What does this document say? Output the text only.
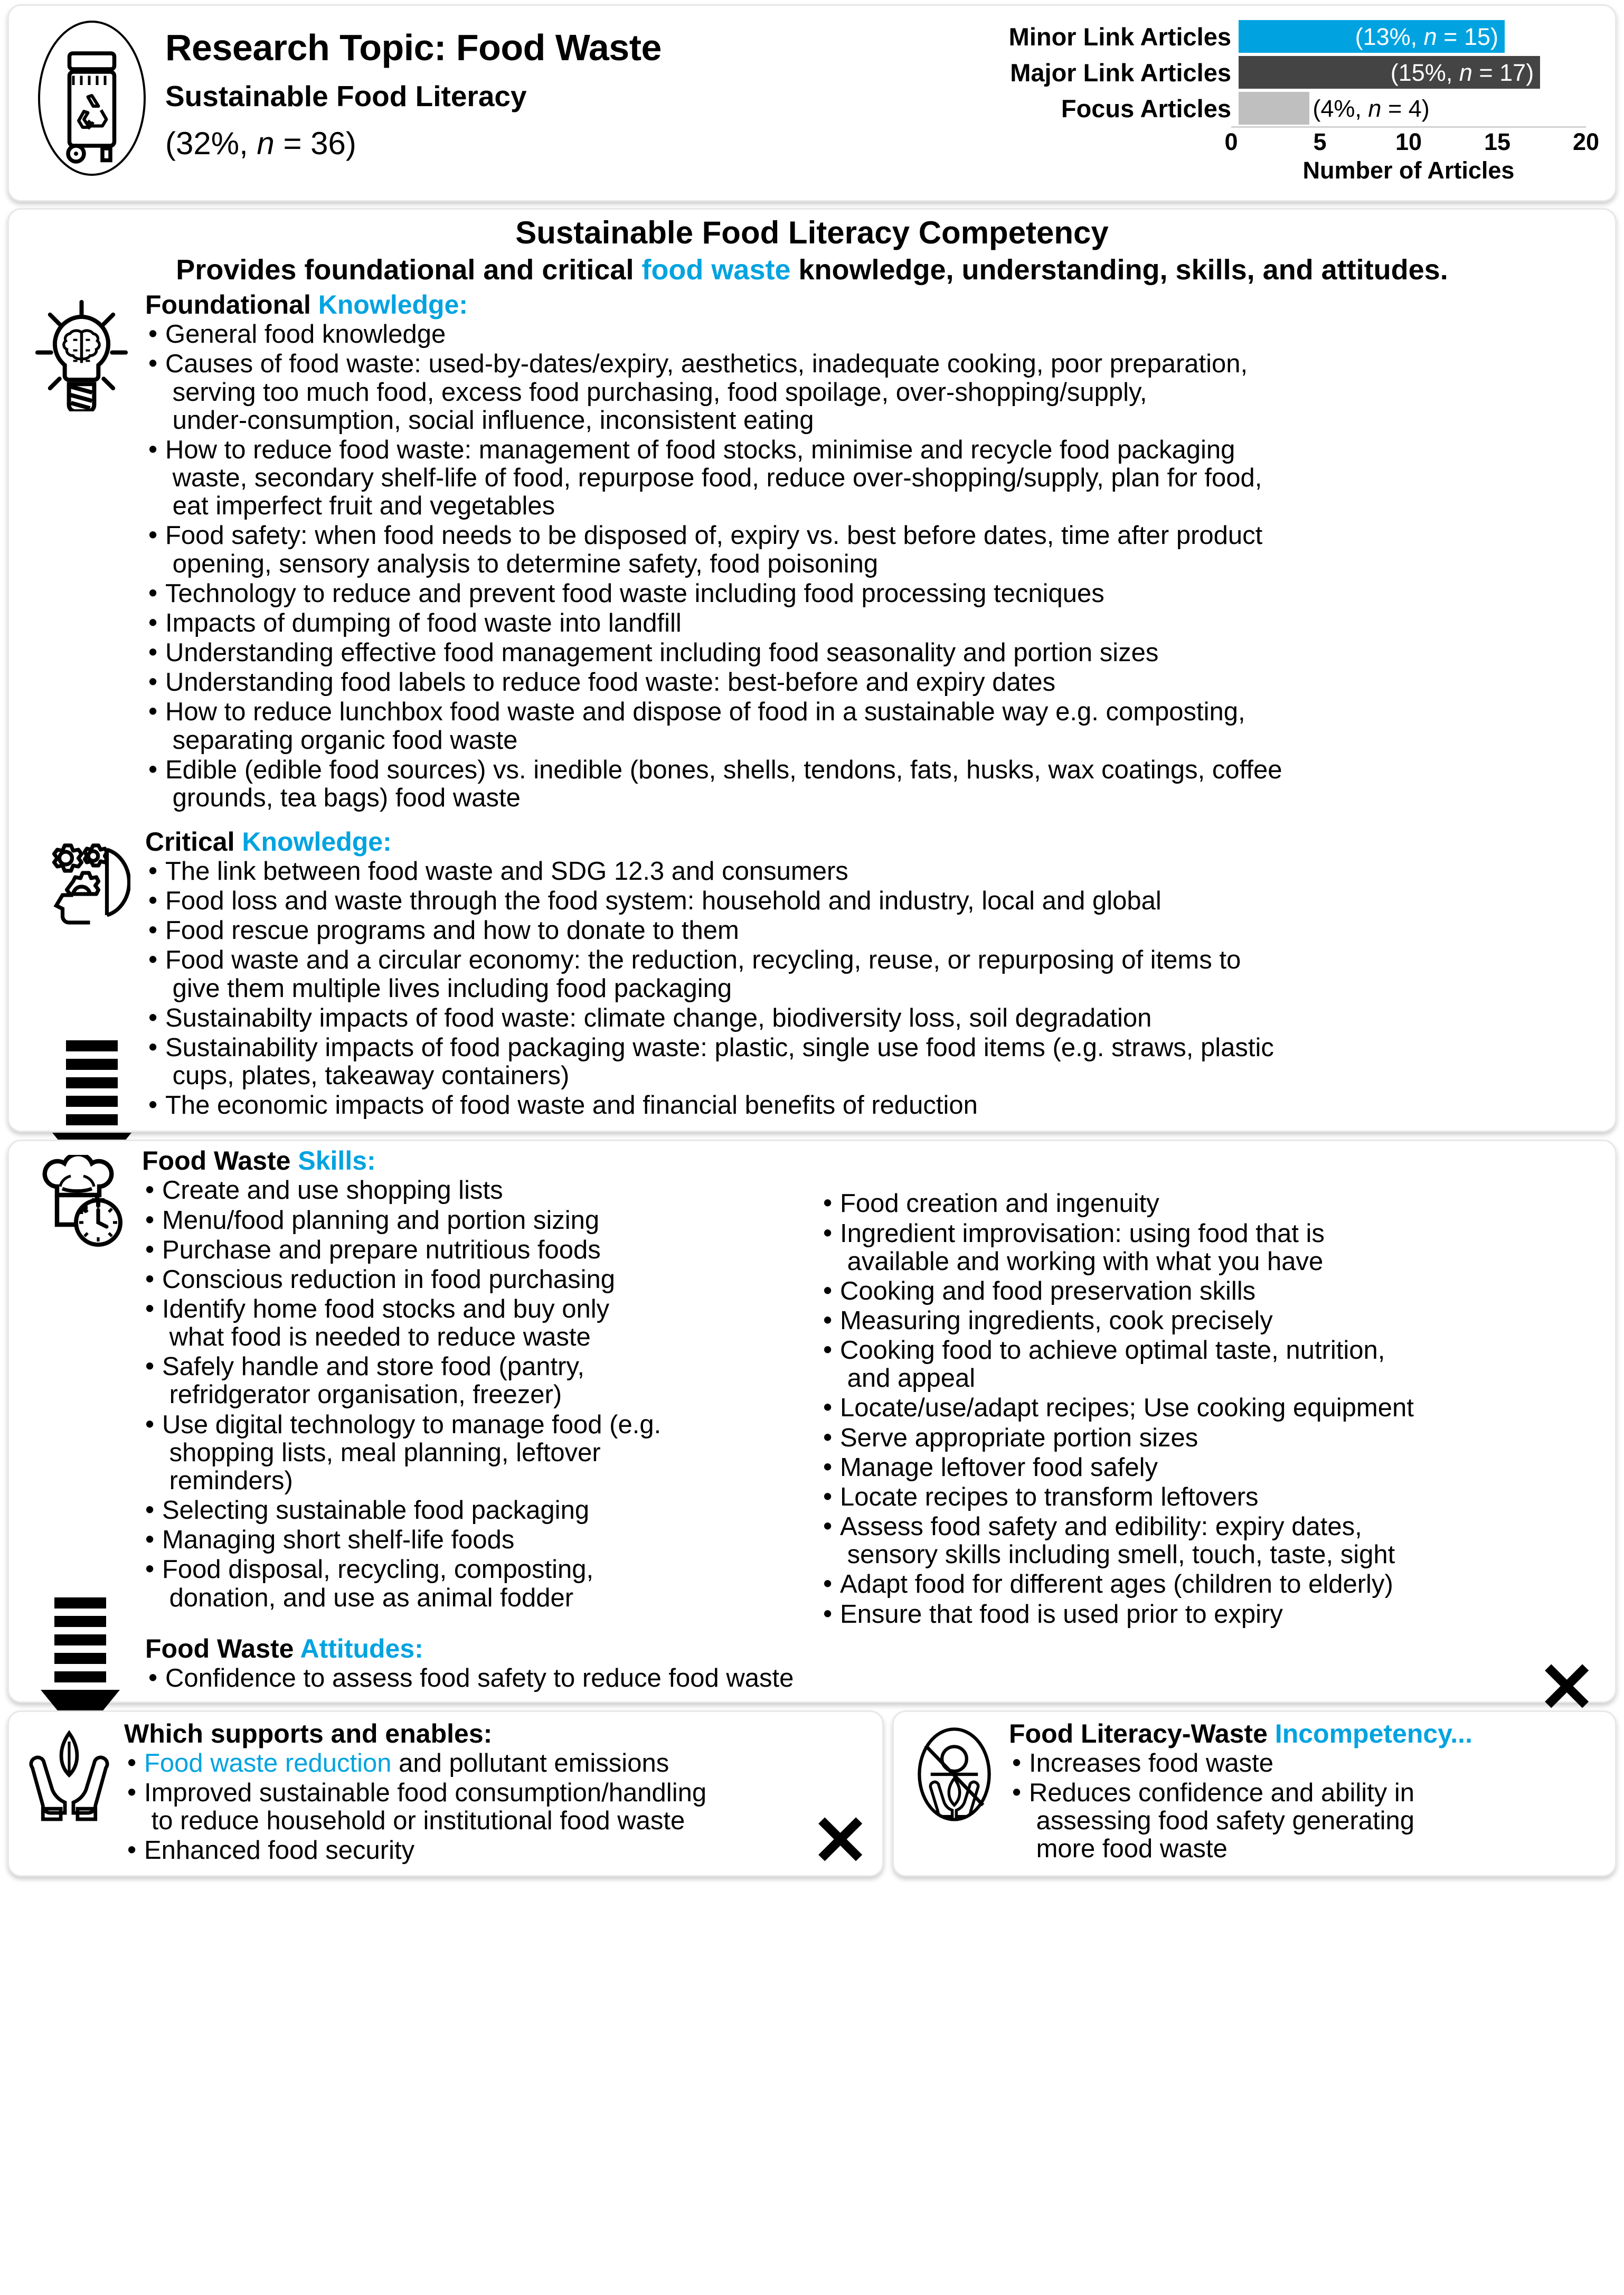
Research Topic: Food Waste
Sustainable Food Literacy
(32%, n = 36)
Minor Link Articles	(13%, n = 15)
Major Link Articles	(15%, n = 17)
Focus Articles	(4%, n = 4)
0	5	10	15	20
Number of Articles
Sustainable Food Literacy Competency
Provides foundational and critical food waste knowledge, understanding, skills, and attitudes.
Foundational Knowledge:
• General food knowledge
• Causes of food waste: used-by-dates/expiry, aesthetics, inadequate cooking, poor preparation,
serving too much food, excess food purchasing, food spoilage, over-shopping/supply,
under-consumption, social influence, inconsistent eating
• How to reduce food waste: management of food stocks, minimise and recycle food packaging
waste, secondary shelf-life of food, repurpose food, reduce over-shopping/supply, plan for food,
eat imperfect fruit and vegetables
• Food safety: when food needs to be disposed of, expiry vs. best before dates, time after product
opening, sensory analysis to determine safety, food poisoning
• Technology to reduce and prevent food waste including food processing tecniques
• Impacts of dumping of food waste into landfill
• Understanding effective food management including food seasonality and portion sizes
• Understanding food labels to reduce food waste: best-before and expiry dates
• How to reduce lunchbox food waste and dispose of food in a sustainable way e.g. composting,
separating organic food waste
• Edible (edible food sources) vs. inedible (bones, shells, tendons, fats, husks, wax coatings, coffee
grounds, tea bags) food waste
Critical Knowledge:
• The link between food waste and SDG 12.3 and consumers
• Food loss and waste through the food system: household and industry, local and global
• Food rescue programs and how to donate to them
• Food waste and a circular economy: the reduction, recycling, reuse, or repurposing of items to
give them multiple lives including food packaging
• Sustainabilty impacts of food waste: climate change, biodiversity loss, soil degradation
• Sustainability impacts of food packaging waste: plastic, single use food items (e.g. straws, plastic
cups, plates, takeaway containers)
• The economic impacts of food waste and financial benefits of reduction
Food Waste Skills:
• Create and use shopping lists
• Menu/food planning and portion sizing
• Purchase and prepare nutritious foods
• Conscious reduction in food purchasing
• Identify home food stocks and buy only
what food is needed to reduce waste
• Safely handle and store food (pantry,
refridgerator organisation, freezer)
• Use digital technology to manage food (e.g.
shopping lists, meal planning, leftover
reminders)
• Selecting sustainable food packaging
• Managing short shelf-life foods
• Food disposal, recycling, composting,
donation, and use as animal fodder
• Food creation and ingenuity
• Ingredient improvisation: using food that is
available and working with what you have
• Cooking and food preservation skills
• Measuring ingredients, cook precisely
• Cooking food to achieve optimal taste, nutrition,
and appeal
• Locate/use/adapt recipes; Use cooking equipment
• Serve appropriate portion sizes
• Manage leftover food safely
• Locate recipes to transform leftovers
• Assess food safety and edibility: expiry dates,
sensory skills including smell, touch, taste, sight
• Adapt food for different ages (children to elderly)
• Ensure that food is used prior to expiry
Food Waste Attitudes:
• Confidence to assess food safety to reduce food waste
Which supports and enables:
• Food waste reduction and pollutant emissions
• Improved sustainable food consumption/handling
to reduce household or institutional food waste
• Enhanced food security	✕
Food Literacy-Waste Incompetency...
• Increases food waste
• Reduces confidence and ability in
assessing food safety generating
more food waste
✕
